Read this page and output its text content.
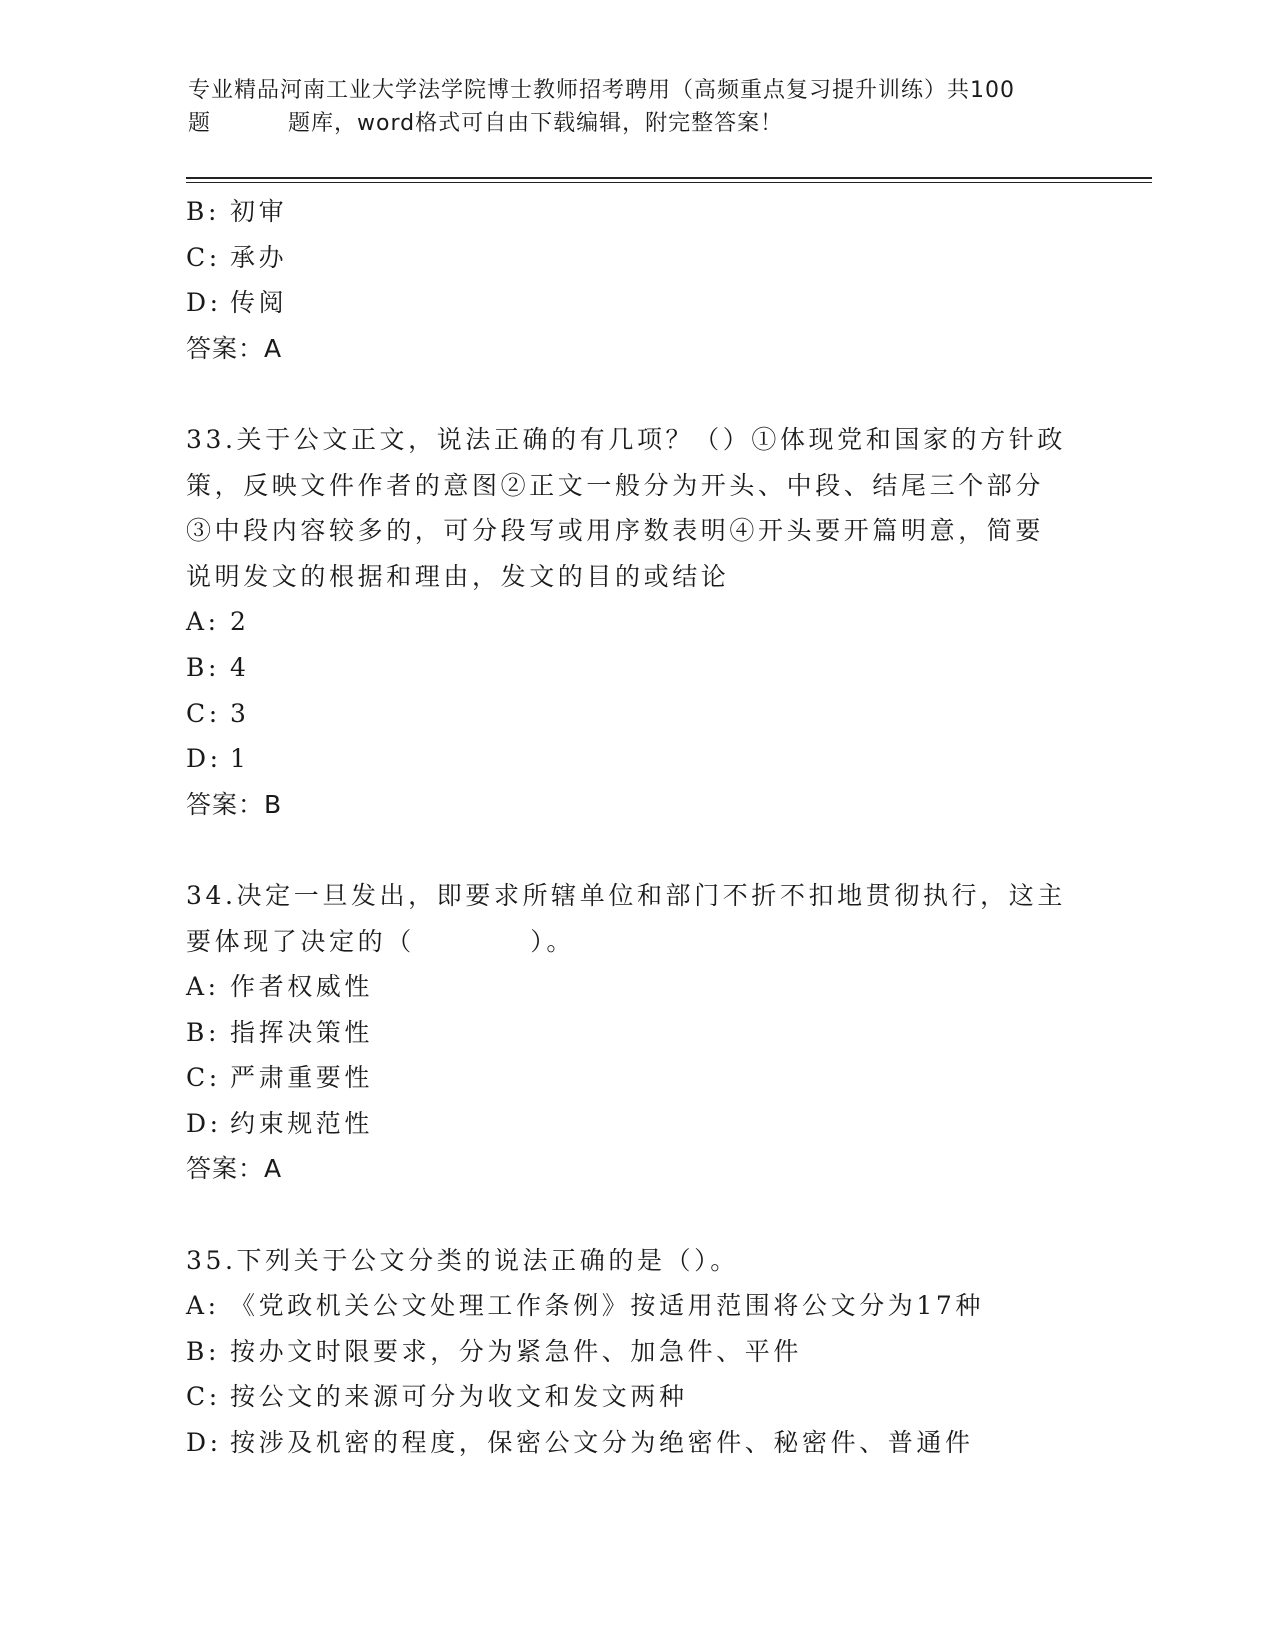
专业精品河南工业大学法学院博士教师招考聘用（高频重点复习提升训练）共100
题	题库，word格式可自由下载编辑，附完整答案！
B: 初审
C: 承办
D: 传阅
答案：A
33.关于公文正文，说法正确的有几项？（）①体现党和国家的方针政
策，反映文件作者的意图②正文一般分为开头、中段、结尾三个部分
③中段内容较多的，可分段写或用序数表明④开头要开篇明意，简要
说明发文的根据和理由，发文的目的或结论
A: 2
B: 4
C: 3
D: 1
答案：B
34.决定一旦发出，即要求所辖单位和部门不折不扣地贯彻执行，这主
要体现了决定的（          ）。
A: 作者权威性
B: 指挥决策性
C: 严肃重要性
D: 约束规范性
答案：A
35.下列关于公文分类的说法正确的是（）。
A: 《党政机关公文处理工作条例》按适用范围将公文分为17种
B: 按办文时限要求，分为紧急件、加急件、平件
C: 按公文的来源可分为收文和发文两种
D: 按涉及机密的程度，保密公文分为绝密件、秘密件、普通件
